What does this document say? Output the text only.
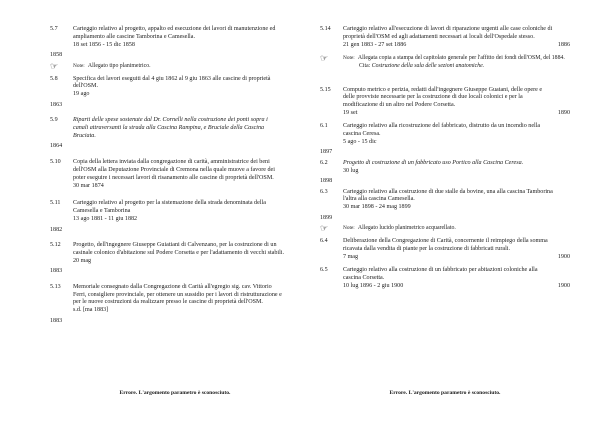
5.7	Carteggio relativo al progetto, appalto ed esecuzione dei lavori di manutenzione ed ampliamento alle cascine Tamborina e Camesella.
18 set 1856 - 15 dic 1858
1858
☞	Note: Allegato tipo planimetrico.
5.8	Specifica dei lavori eseguiti dal 4 giu 1862 al 9 giu 1863 alle cascine di proprietà dell'OSM.
19 ago
1863
5.9	Riparti delle spese sostenute dal Dr. Cornelli nella costruzione dei ponti sopra i canali attraversanti la strada alla Cascina Rampina, e Bruciale della Cascina Bruciata.
1864
5.10 Copia della lettera inviata dalla congregazione di carità, amministratrice dei beni dell'OSM alla Deputazione Provinciale di Cremona nella quale muove a favore dei poter eseguire i necessari lavori di risanamento alle cascine di proprietà dell'OSM.
30 mar 1874
5.11 Carteggio relativo al progetto per la sistemazione della strada denominata della Camesella e Tamborina
13 ago 1881 - 11 giu 1882
1882
5.12 Progetto, dell'ingegnere Giuseppe Guiatiani di Calvenzano, per la costruzione di un casinale colonico d'abitazione sul Podere Corsetta e per l'adattamento di vecchi stabili.
20 mag
1883
5.13 Memoriale consegnato dalla Congregazione di Carità all'egregio sig. cav. Vittorio Ferri, consigliere provinciale, per ottenere un sussidio per i lavori di ristrutturazione e per le nuove costruzioni da realizzare presso le cascine di proprietà dell'OSM.
s.d. [ma 1883]
1883
Errore. L'argomento parametro è sconosciuto.
5.14 Carteggio relativo all'esecuzione di lavori di riparazione urgenti alle case coloniche di proprietà dell'OSM ed agli adattamenti necessari ai locali dell'Ospedale stesso.
21 gen 1883 - 27 set 1886	1886
☞	Note: Allegata copia a stampa del capitolato generale per l'affitto dei fondi dell'OSM, del 1884.
Cita: Costruzione della sala delle sezioni anatomiche.
5.15 Computo metrico e perizia, redatti dall'ingegnere Giuseppe Guatani, delle opere e delle provviste necessarie per la costruzione di due locali colonici e per la modificazione di un altro nel Podere Corsetta.
19 set	1890
6.1	Carteggio relativo alla ricostruzione del fabbricato, distrutto da un incendio nella cascina Ceresa.
5 ago - 15 dic
1897
6.2	Progetto di costruzione di un fabbricato uso Portico alla Cascina Ceresa.
30 lug
1898
6.3	Carteggio relativo alla costruzione di due stalle da bovine, una alla cascina Tamborina l'altra alla cascina Camesella.
30 mar 1898 - 24 mag 1899
1899
☞	Note: Allegato lucido planimetrico acquarellato.
6.4	Deliberazione della Congregazione di Carità, concernente il reimpiego della somma ricavata dalla vendita di piante per la costruzione di fabbricati rurali.
7 mag	1900
6.5	Carteggio relativo alla costruzione di un fabbricato per abitazioni coloniche alla cascina Corsetta.
10 lug 1896 - 2 giu 1900	1900
Errore. L'argomento parametro è sconosciuto.
